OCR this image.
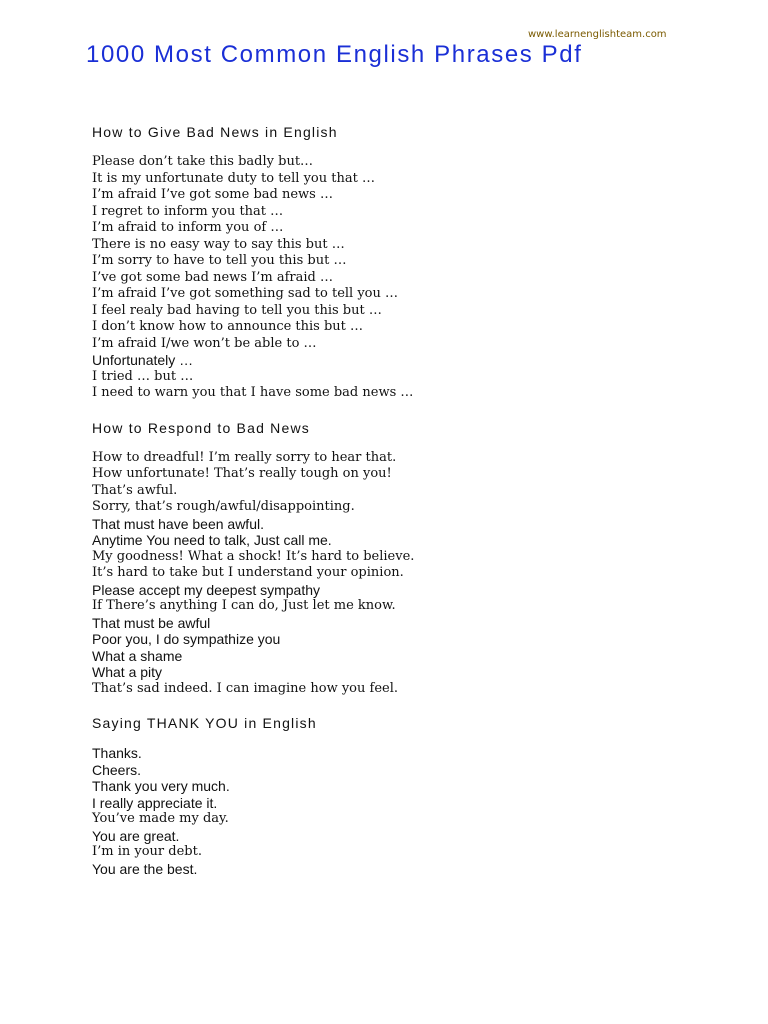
www.learnenglishteam.com
1000 Most Common English Phrases Pdf
How to Give Bad News in English
Please don’t take this badly but…
It is my unfortunate duty to tell you that …
I’m afraid I’ve got some bad news …
I regret to inform you that …
I’m afraid to inform you of …
There is no easy way to say this but …
I’m sorry to have to tell you this but …
I’ve got some bad news I’m afraid …
I’m afraid I’ve got something sad to tell you …
I feel realy bad having to tell you this but …
I don’t know how to announce this but …
I’m afraid I/we won’t be able to …
Unfortunately …
I tried … but …
I need to warn you that I have some bad news …
How to Respond to Bad News
How to dreadful! I’m really sorry to hear that.
How unfortunate! That’s really tough on you!
That’s awful.
Sorry, that’s rough/awful/disappointing.
That must have been awful.
Anytime You need to talk, Just call me.
My goodness! What a shock! It’s hard to believe.
It’s hard to take but I understand your opinion.
Please accept my deepest sympathy
If There’s anything I can do, Just let me know.
That must be awful
Poor you, I do sympathize you
What a shame
What a pity
That’s sad indeed. I can imagine how you feel.
Saying THANK YOU in English
Thanks.
Cheers.
Thank you very much.
I really appreciate it.
You’ve made my day.
You are great.
I’m in your debt.
You are the best.
